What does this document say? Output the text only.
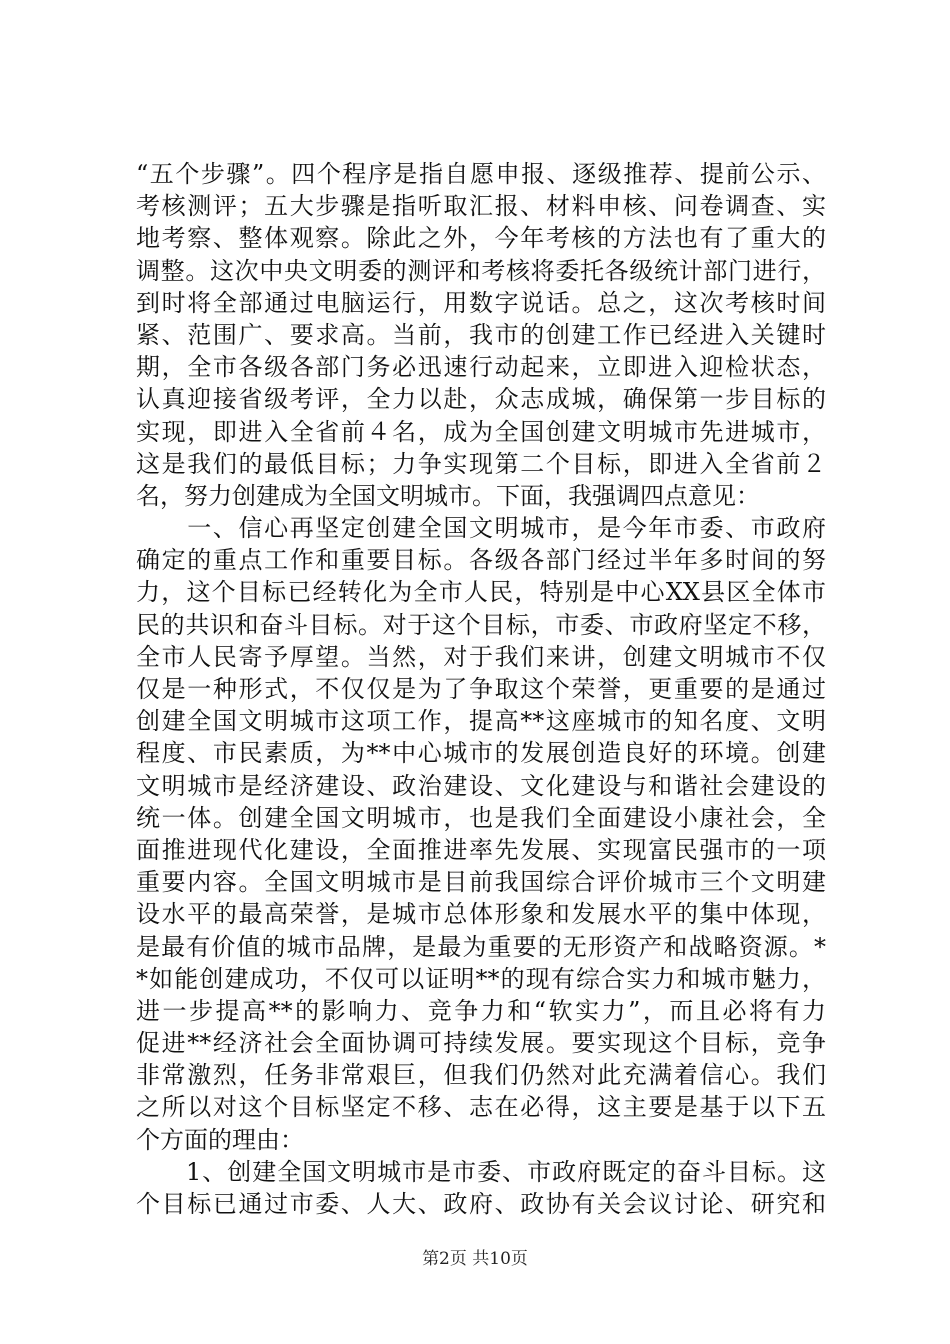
“五个步骤”。四个程序是指自愿申报、逐级推荐、提前公示、
考核测评；五大步骤是指听取汇报、材料申核、问卷调查、实
地考察、整体观察。除此之外，今年考核的方法也有了重大的
调整。这次中央文明委的测评和考核将委托各级统计部门进行，
到时将全部通过电脑运行，用数字说话。总之，这次考核时间
紧、范围广、要求高。当前，我市的创建工作已经进入关键时
期，全市各级各部门务必迅速行动起来，立即进入迎检状态，
认真迎接省级考评，全力以赴，众志成城，确保第一步目标的
实现，即进入全省前４名，成为全国创建文明城市先进城市，
这是我们的最低目标；力争实现第二个目标，即进入全省前２
名，努力创建成为全国文明城市。下面，我强调四点意见：
　　一、信心再坚定创建全国文明城市，是今年市委、市政府
确定的重点工作和重要目标。各级各部门经过半年多时间的努
力，这个目标已经转化为全市人民，特别是中心XX县区全体市
民的共识和奋斗目标。对于这个目标，市委、市政府坚定不移，
全市人民寄予厚望。当然，对于我们来讲，创建文明城市不仅
仅是一种形式，不仅仅是为了争取这个荣誉，更重要的是通过
创建全国文明城市这项工作，提高**这座城市的知名度、文明
程度、市民素质，为**中心城市的发展创造良好的环境。创建
文明城市是经济建设、政治建设、文化建设与和谐社会建设的
统一体。创建全国文明城市，也是我们全面建设小康社会，全
面推进现代化建设，全面推进率先发展、实现富民强市的一项
重要内容。全国文明城市是目前我国综合评价城市三个文明建
设水平的最高荣誉，是城市总体形象和发展水平的集中体现，
是最有价值的城市品牌，是最为重要的无形资产和战略资源。*
*如能创建成功，不仅可以证明**的现有综合实力和城市魅力，
进一步提高**的影响力、竞争力和“软实力”，而且必将有力
促进**经济社会全面协调可持续发展。要实现这个目标，竞争
非常激烈，任务非常艰巨，但我们仍然对此充满着信心。我们
之所以对这个目标坚定不移、志在必得，这主要是基于以下五
个方面的理由：
　　1、创建全国文明城市是市委、市政府既定的奋斗目标。这
个目标已通过市委、人大、政府、政协有关会议讨论、研究和
第2页 共10页
